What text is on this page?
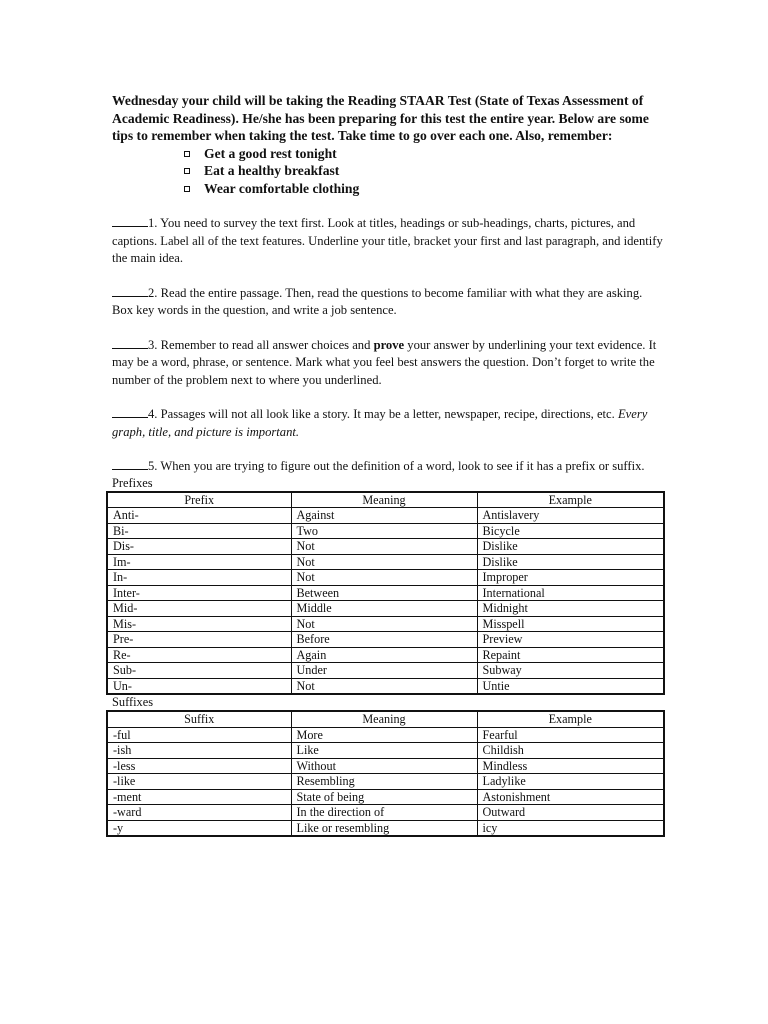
Wednesday your child will be taking the Reading STAAR Test (State of Texas Assessment of Academic Readiness). He/she has been preparing for this test the entire year. Below are some tips to remember when taking the test. Take time to go over each one. Also, remember:

Get a good rest tonight
Eat a healthy breakfast
Wear comfortable clothing

1. You need to survey the text first. Look at titles, headings or sub-headings, charts, pictures, and captions. Label all of the text features. Underline your title, bracket your first and last paragraph, and identify the main idea.

2. Read the entire passage. Then, read the questions to become familiar with what they are asking. Box key words in the question, and write a job sentence.

3. Remember to read all answer choices and prove your answer by underlining your text evidence. It may be a word, phrase, or sentence. Mark what you feel best answers the question. Don’t forget to write the number of the problem next to where you underlined.

4. Passages will not all look like a story. It may be a letter, newspaper, recipe, directions, etc. Every graph, title, and picture is important.

5. When you are trying to figure out the definition of a word, look to see if it has a prefix or suffix.

Prefixes

Prefix	Meaning	Example
Anti-	Against	Antislavery
Bi-	Two	Bicycle
Dis-	Not	Dislike
Im-	Not	Dislike
In-	Not	Improper
Inter-	Between	International
Mid-	Middle	Midnight
Mis-	Not	Misspell
Pre-	Before	Preview
Re-	Again	Repaint
Sub-	Under	Subway
Un-	Not	Untie

Suffixes

Suffix	Meaning	Example
-ful	More	Fearful
-ish	Like	Childish
-less	Without	Mindless
-like	Resembling	Ladylike
-ment	State of being	Astonishment
-ward	In the direction of	Outward
-y	Like or resembling	icy
